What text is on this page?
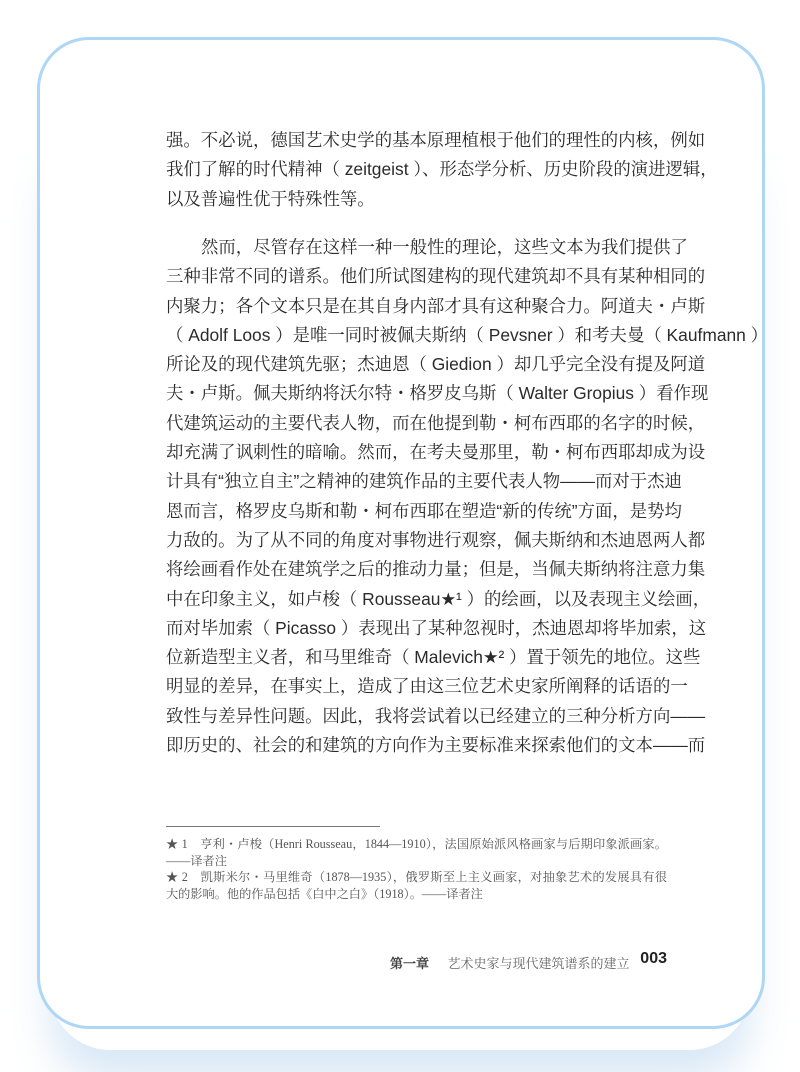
强。不必说，德国艺术史学的基本原理植根于他们的理性的内核，例如
我们了解的时代精神（ zeitgeist ）、形态学分析、历史阶段的演进逻辑，
以及普遍性优于特殊性等。
然而，尽管存在这样一种一般性的理论，这些文本为我们提供了
三种非常不同的谱系。他们所试图建构的现代建筑却不具有某种相同的
内聚力；各个文本只是在其自身内部才具有这种聚合力。阿道夫・卢斯
（ Adolf Loos ）是唯一同时被佩夫斯纳（ Pevsner ）和考夫曼（ Kaufmann ）
所论及的现代建筑先驱；杰迪恩（ Giedion ）却几乎完全没有提及阿道
夫・卢斯。佩夫斯纳将沃尔特・格罗皮乌斯（ Walter Gropius ）看作现
代建筑运动的主要代表人物，而在他提到勒・柯布西耶的名字的时候，
却充满了讽刺性的暗喻。然而，在考夫曼那里，勒・柯布西耶却成为设
计具有“独立自主”之精神的建筑作品的主要代表人物——而对于杰迪
恩而言，格罗皮乌斯和勒・柯布西耶在塑造“新的传统”方面，是势均
力敌的。为了从不同的角度对事物进行观察，佩夫斯纳和杰迪恩两人都
将绘画看作处在建筑学之后的推动力量；但是，当佩夫斯纳将注意力集
中在印象主义，如卢梭（ Rousseau★¹ ）的绘画，以及表现主义绘画，
而对毕加索（ Picasso ）表现出了某种忽视时，杰迪恩却将毕加索，这
位新造型主义者，和马里维奇（ Malevich★² ）置于领先的地位。这些
明显的差异，在事实上，造成了由这三位艺术史家所阐释的话语的一
致性与差异性问题。因此，我将尝试着以已经建立的三种分析方向——
即历史的、社会的和建筑的方向作为主要标准来探索他们的文本——而
★ 1　亨利・卢梭（Henri Rousseau，1844—1910），法国原始派风格画家与后期印象派画家。——译者注
★ 2　凯斯米尔・马里维奇（1878—1935），俄罗斯至上主义画家，对抽象艺术的发展具有很大的影响。他的作品包括《白中之白》（1918）。——译者注
第一章 艺术史家与现代建筑谱系的建立 003
